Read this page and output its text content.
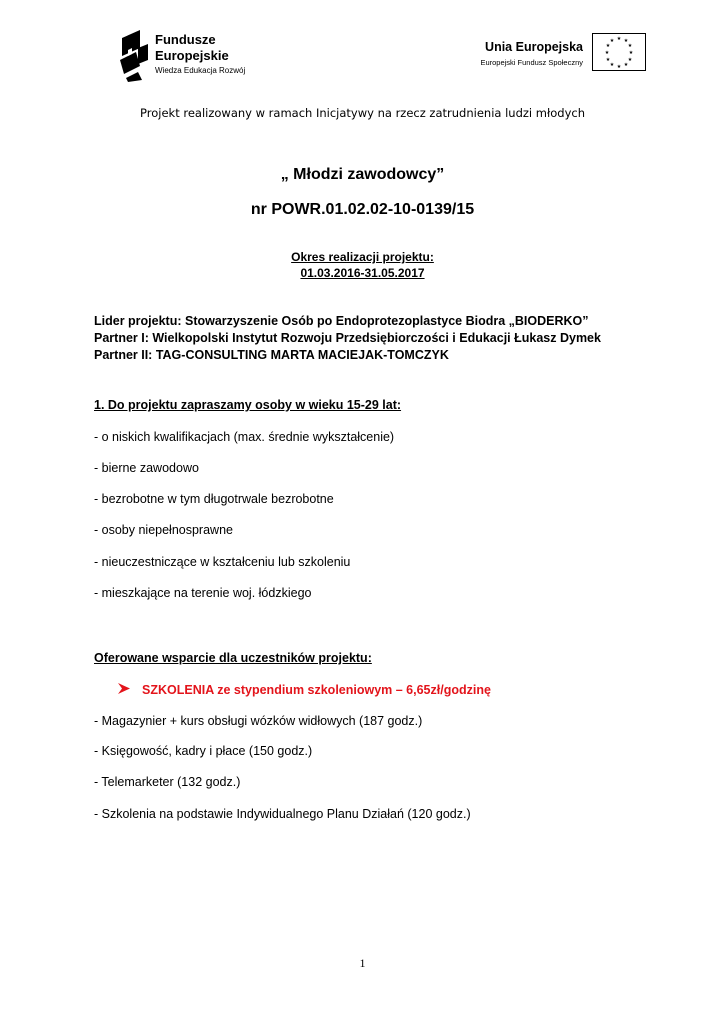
Fundusze
Europejskie
Wiedza Edukacja Rozwój
Unia Europejska
Europejski Fundusz Społeczny
★ ★
★
★
★
★
★
★
★
★
★
★
Projekt realizowany w ramach Inicjatywy na rzecz zatrudnienia ludzi młodych
„ Młodzi zawodowcy”
nr POWR.01.02.02-10-0139/15
Okres realizacji projektu:
01.03.2016-31.05.2017
Lider projektu: Stowarzyszenie Osób po Endoprotezoplastyce Biodra „BIODERKO”
Partner I: Wielkopolski Instytut Rozwoju Przedsiębiorczości i Edukacji Łukasz Dymek
Partner II: TAG-CONSULTING MARTA MACIEJAK-TOMCZYK
1. Do projektu zapraszamy osoby w wieku 15-29 lat:
- o niskich kwalifikacjach (max. średnie wykształcenie)
- bierne zawodowo
- bezrobotne w tym długotrwale bezrobotne
- osoby niepełnosprawne
- nieuczestniczące w kształceniu lub szkoleniu
- mieszkające na terenie woj. łódzkiego
Oferowane wsparcie dla uczestników projektu:
SZKOLENIA ze stypendium szkoleniowym – 6,65zł/godzinę
- Magazynier + kurs obsługi wózków widłowych (187 godz.)
- Księgowość, kadry i płace (150 godz.)
- Telemarketer (132 godz.)
- Szkolenia na podstawie Indywidualnego Planu Działań (120 godz.)
1
